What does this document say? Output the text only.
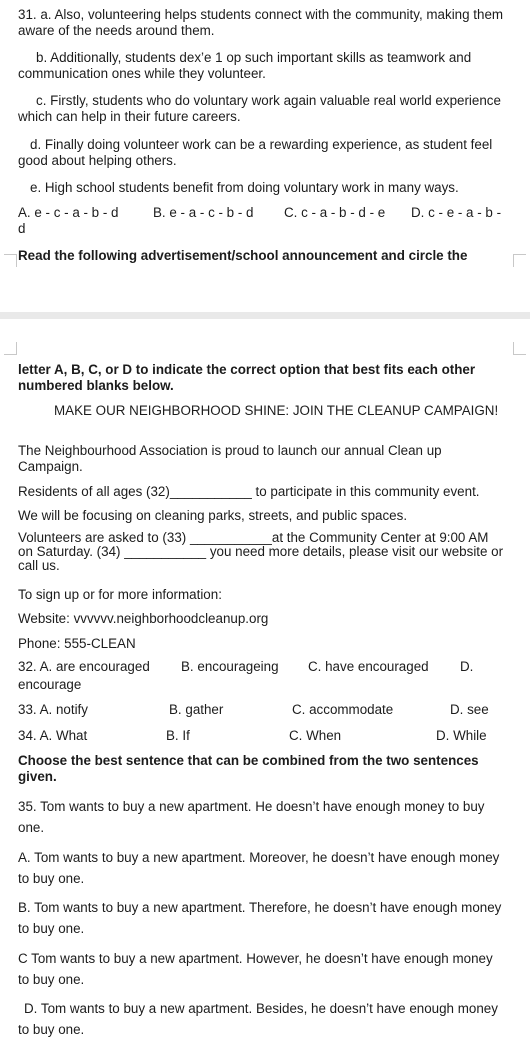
31. a. Also, volunteering helps students connect with the community, making them aware of the needs around them.

b. Additionally, students dex’e 1 op such important skills as teamwork and communication ones while they volunteer.

c. Firstly, students who do voluntary work again valuable real world experience which can help in their future careers.

d. Finally doing volunteer work can be a rewarding experience, as student feel good about helping others.

e. High school students benefit from doing voluntary work in many ways.

A. e - c - a - b - d	B. e - a - c - b - d C. c - a - b - d - e D. c - e - a - b -

d

Read the following advertisement/school announcement and circle the

letter A, B, C, or D to indicate the correct option that best fits each other numbered blanks below.

MAKE OUR NEIGHBORHOOD SHINE: JOIN THE CLEANUP CAMPAIGN!

The Neighbourhood Association is proud to launch our annual Clean up Campaign.

Residents of all ages (32)___________ to participate in this community event.

We will be focusing on cleaning parks, streets, and public spaces.

Volunteers are asked to (33) ___________at the Community Center at 9:00 AM on Saturday. (34) ___________ you need more details, please visit our website or call us.

To sign up or for more information:

Website: vvvvvv.neighborhoodcleanup.org

Phone: 555-CLEAN

32. A. are encouraged B. encourageing C. have encouraged D.

encourage

33. A. notify	B. gather	C. accommodate	D. see
34. A. What	B. If	C. When	D. While

Choose the best sentence that can be combined from the two sentences given.

35. Tom wants to buy a new apartment. He doesn’t have enough money to buy one.

A. Tom wants to buy a new apartment. Moreover, he doesn’t have enough money to buy one.

B. Tom wants to buy a new apartment. Therefore, he doesn’t have enough money to buy one.

C Tom wants to buy a new apartment. However, he doesn’t have enough money to buy one.

D. Tom wants to buy a new apartment. Besides, he doesn’t have enough money to buy one.
